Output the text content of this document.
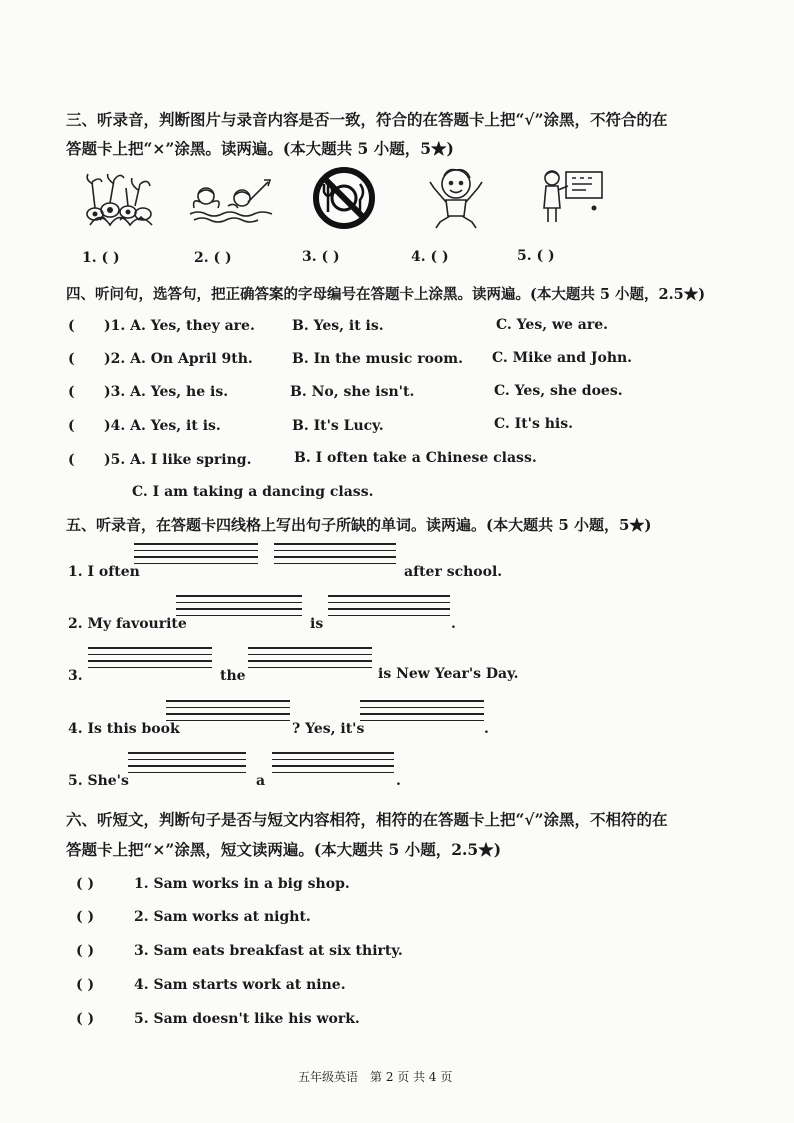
三、听录音，判断图片与录音内容是否一致，符合的在答题卡上把“√”涂黑，不符合的在
答题卡上把“×”涂黑。读两遍。(本大题共 5 小题，5★)
1. ( )	2. ( )	3. ( )	4. ( )	5. ( )
四、听问句，选答句，把正确答案的字母编号在答题卡上涂黑。读两遍。(本大题共 5 小题，2.5★)
( )1. A. Yes, they are.	B. Yes, it is.	C. Yes, we are.
( )2. A. On April 9th.	B. In the music room. C. Mike and John.
( )3. A. Yes, he is.	B. No, she isn't.	C. Yes, she does.
( )4. A. Yes, it is.	B. It's Lucy.	C. It's his.
( )5. A. I like spring.	B. I often take a Chinese class.
C. I am taking a dancing class.
五、听录音，在答题卡四线格上写出句子所缺的单词。读两遍。(本大题共 5 小题，5★)
1. I often	after school.
2. My favourite	is	.
3.	the	is New Year's Day.
4. Is this book	? Yes, it's	.
5. She's	a	.
六、听短文，判断句子是否与短文内容相符，相符的在答题卡上把“√”涂黑，不相符的在
答题卡上把“×”涂黑，短文读两遍。(本大题共 5 小题，2.5★)
( )	1. Sam works in a big shop.
( )	2. Sam works at night.
( )	3. Sam eats breakfast at six thirty.
( )	4. Sam starts work at nine.
( )	5. Sam doesn't like his work.
五年级英语　第 2 页 共 4 页
